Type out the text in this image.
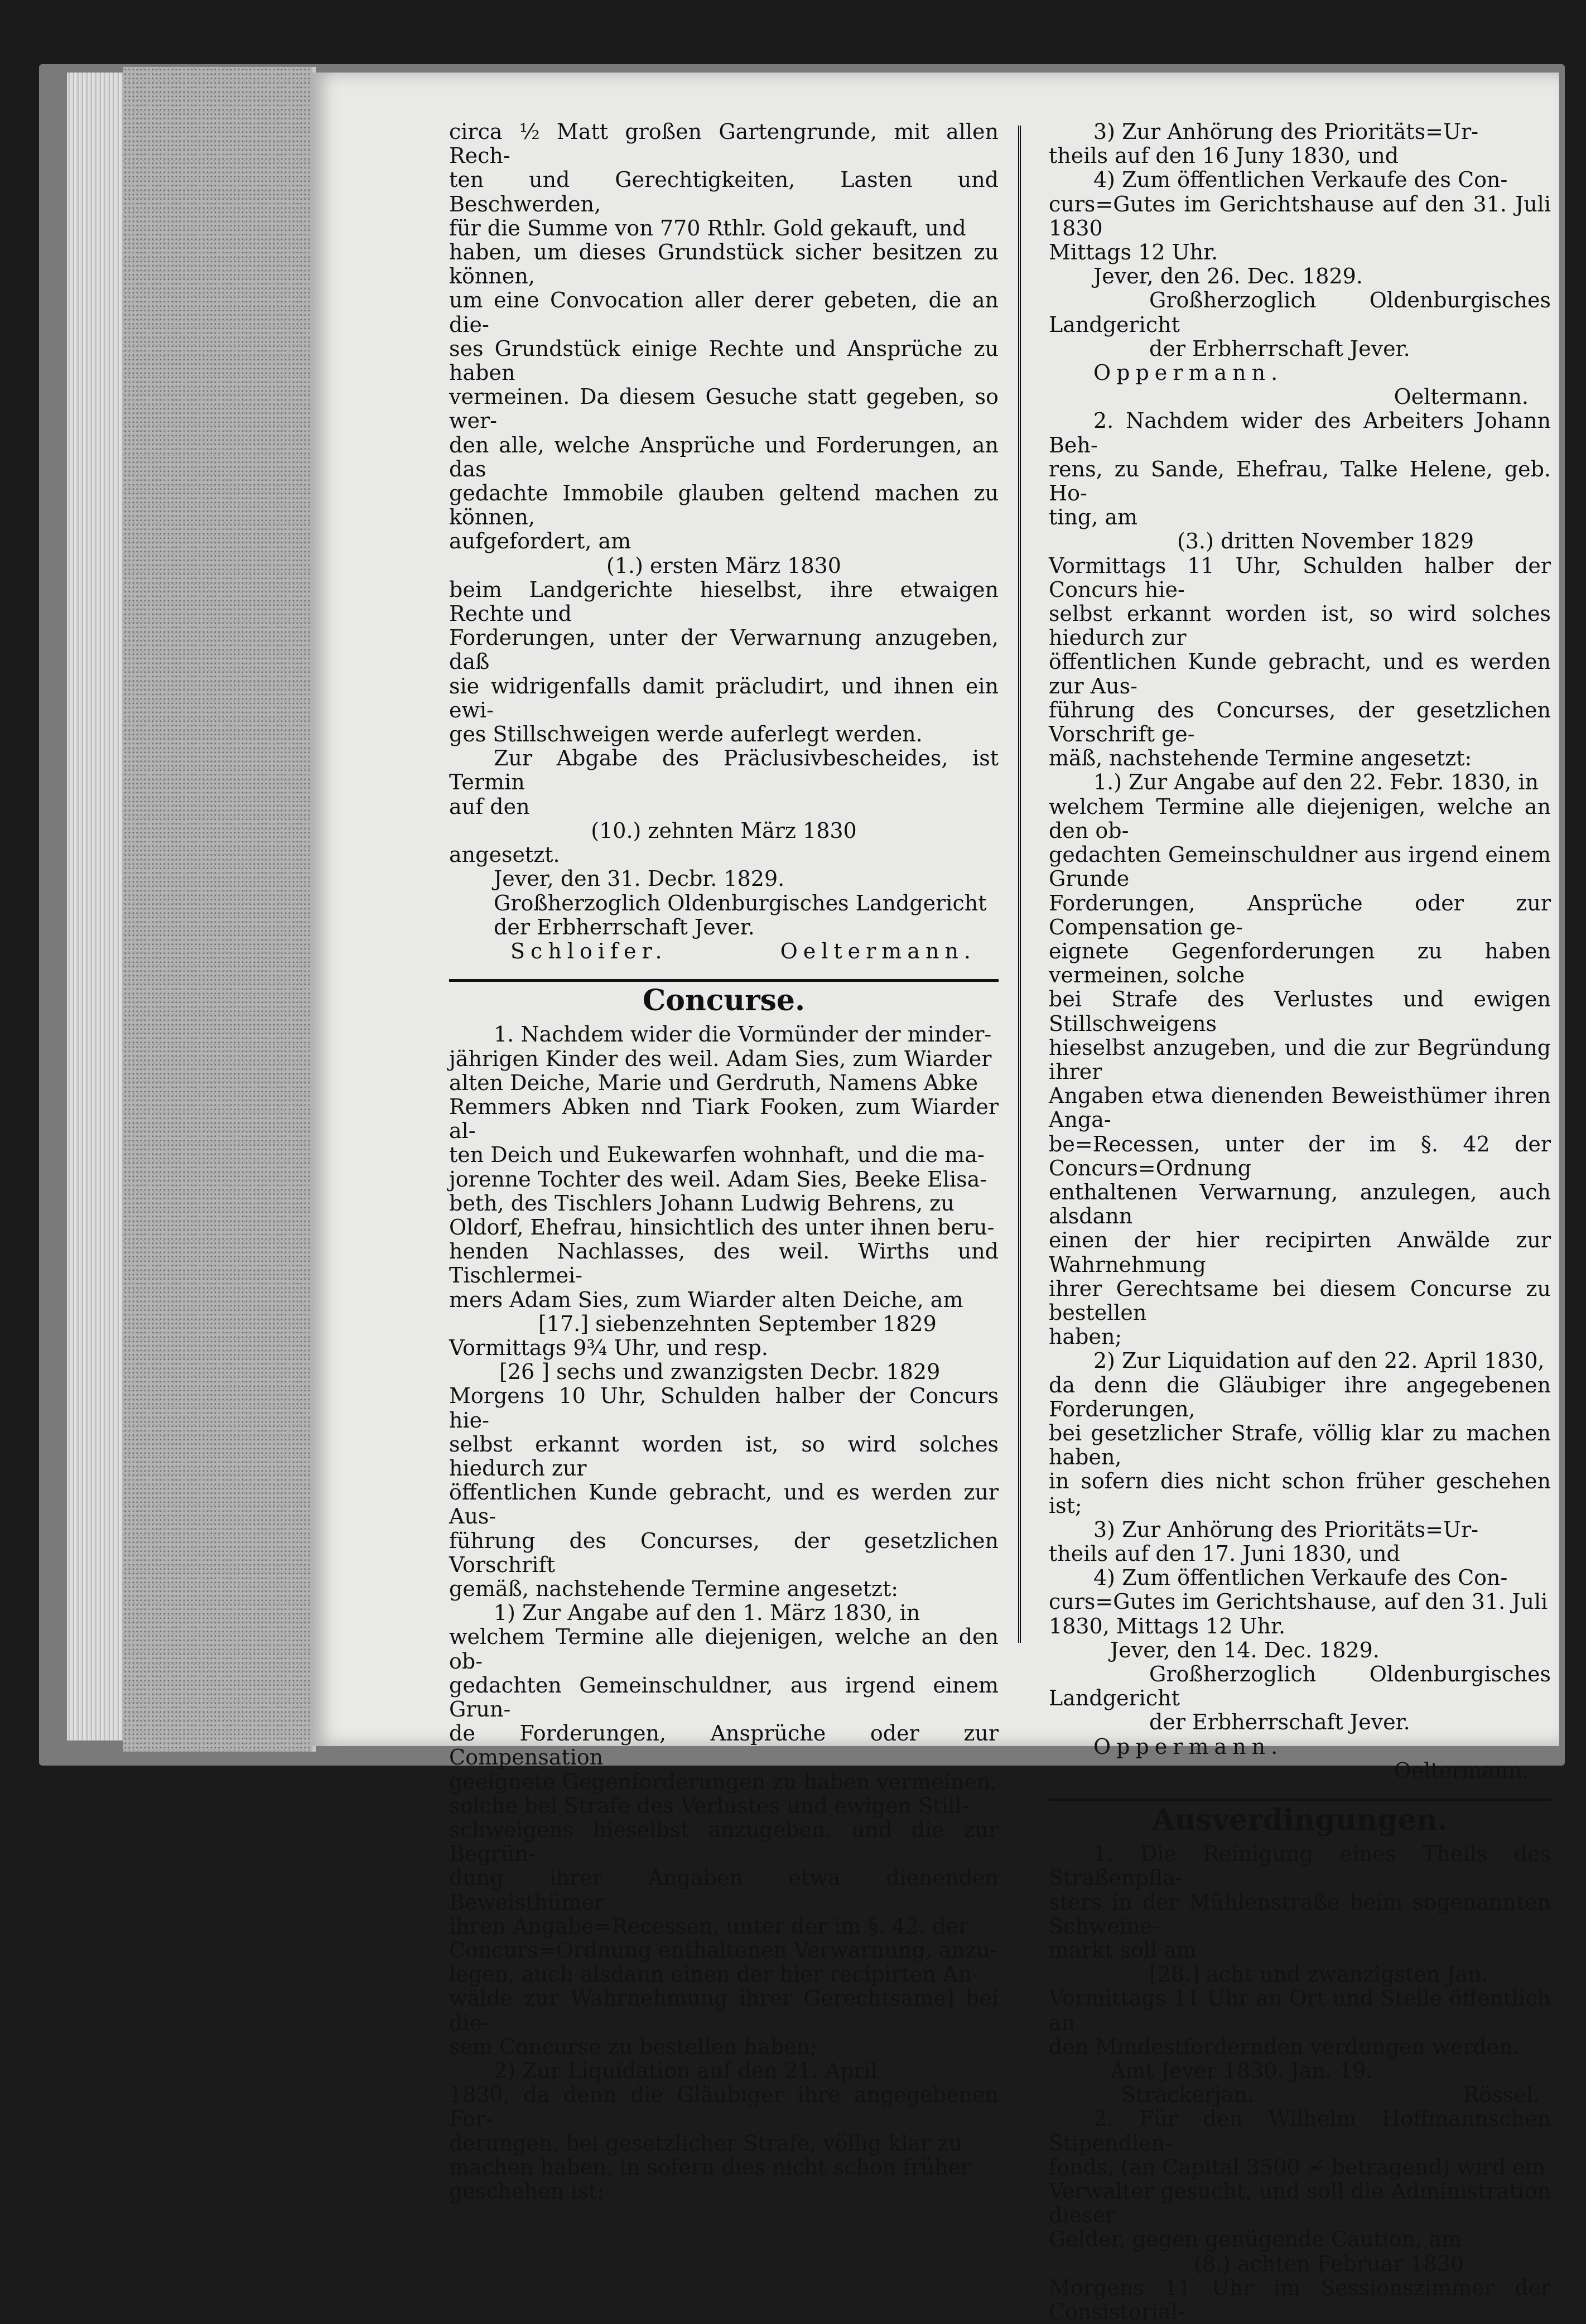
circa ½ Matt großen Gartengrunde, mit allen Rech-

ten und Gerechtigkeiten, Lasten und Beschwerden,

für die Summe von 770 Rthlr. Gold gekauft, und

haben, um dieses Grundstück sicher besitzen zu können,

um eine Convocation aller derer gebeten, die an die-

ses Grundstück einige Rechte und Ansprüche zu haben

vermeinen. Da diesem Gesuche statt gegeben, so wer-

den alle, welche Ansprüche und Forderungen, an das

gedachte Immobile glauben geltend machen zu können,

aufgefordert, am

(1.) ersten März 1830

beim Landgerichte hieselbst, ihre etwaigen Rechte und

Forderungen, unter der Verwarnung anzugeben, daß

sie widrigenfalls damit präcludirt, und ihnen ein ewi-

ges Stillschweigen werde auferlegt werden.

Zur Abgabe des Präclusivbescheides, ist Termin

auf den

(10.) zehnten März 1830

angesetzt.

Jever, den 31. Decbr. 1829.

Großherzoglich Oldenburgisches Landgericht

der Erbherrschaft Jever.

Schloifer.	Oeltermann.

Concurse.

1. Nachdem wider die Vormünder der minder-

jährigen Kinder des weil. Adam Sies, zum Wiarder

alten Deiche, Marie und Gerdruth, Namens Abke

Remmers Abken nnd Tiark Fooken, zum Wiarder al-

ten Deich und Eukewarfen wohnhaft, und die ma-

jorenne Tochter des weil. Adam Sies, Beeke Elisa-

beth, des Tischlers Johann Ludwig Behrens, zu

Oldorf, Ehefrau, hinsichtlich des unter ihnen beru-

henden Nachlasses, des weil. Wirths und Tischlermei-

mers Adam Sies, zum Wiarder alten Deiche, am

[17.] siebenzehnten September 1829

Vormittags 9¾ Uhr, und resp.

[26 ] sechs und zwanzigsten Decbr. 1829

Morgens 10 Uhr, Schulden halber der Concurs hie-

selbst erkannt worden ist, so wird solches hiedurch zur

öffentlichen Kunde gebracht, und es werden zur Aus-

führung des Concurses, der gesetzlichen Vorschrift

gemäß, nachstehende Termine angesetzt:

1) Zur Angabe auf den 1. März 1830, in

welchem Termine alle diejenigen, welche an den ob-

gedachten Gemeinschuldner, aus irgend einem Grun-

de Forderungen, Ansprüche oder zur Compensation

geeignete Gegenforderungen zu haben vermeinen,

solche bei Strafe des Verlustes und ewigen Still-

schweigens hieselbst anzugeben, und die zur Begrün-

dung ihrer Angaben etwa dienenden Beweisthümer

ihren Angabe=Recessen, unter der im §. 42. der

Concurs=Ordnung enthaltenen Verwarnung, anzu-

legen, auch alsdann einen der hier recipirten An-

wälde zur Wahrnehmung ihrer Gerechtsame] bei die-

sem Concurse zu bestellen haben;

2) Zur Liquidation auf den 21. April

1830, da denn die Gläubiger ihre angegebenen For-

derungen, bei gesetzlicher Strafe, völlig klar zu

machen haben, in sofern dies nicht schon früher

geschehen ist;

3) Zur Anhörung des Prioritäts=Ur-

theils auf den 16 Juny 1830, und

4) Zum öffentlichen Verkaufe des Con-

curs=Gutes im Gerichtshause auf den 31. Juli 1830

Mittags 12 Uhr.

Jever, den 26. Dec. 1829.

Großherzoglich Oldenburgisches Landgericht

der Erbherrschaft Jever.

Oppermann.

Oeltermann.

2. Nachdem wider des Arbeiters Johann Beh-

rens, zu Sande, Ehefrau, Talke Helene, geb. Ho-

ting, am

(3.) dritten November 1829

Vormittags 11 Uhr, Schulden halber der Concurs hie-

selbst erkannt worden ist, so wird solches hiedurch zur

öffentlichen Kunde gebracht, und es werden zur Aus-

führung des Concurses, der gesetzlichen Vorschrift ge-

mäß, nachstehende Termine angesetzt:

1.) Zur Angabe auf den 22. Febr. 1830, in

welchem Termine alle diejenigen, welche an den ob-

gedachten Gemeinschuldner aus irgend einem Grunde

Forderungen, Ansprüche oder zur Compensation ge-

eignete Gegenforderungen zu haben vermeinen, solche

bei Strafe des Verlustes und ewigen Stillschweigens

hieselbst anzugeben, und die zur Begründung ihrer

Angaben etwa dienenden Beweisthümer ihren Anga-

be=Recessen, unter der im §. 42 der Concurs=Ordnung

enthaltenen Verwarnung, anzulegen, auch alsdann

einen der hier recipirten Anwälde zur Wahrnehmung

ihrer Gerechtsame bei diesem Concurse zu bestellen

haben;

2) Zur Liquidation auf den 22. April 1830,

da denn die Gläubiger ihre angegebenen Forderungen,

bei gesetzlicher Strafe, völlig klar zu machen haben,

in sofern dies nicht schon früher geschehen ist;

3) Zur Anhörung des Prioritäts=Ur-

theils auf den 17. Juni 1830, und

4) Zum öffentlichen Verkaufe des Con-

curs=Gutes im Gerichtshause, auf den 31. Juli

1830, Mittags 12 Uhr.

Jever, den 14. Dec. 1829.

Großherzoglich Oldenburgisches Landgericht

der Erbherrschaft Jever.

Oppermann.

Oeltermann.

Ausverdingungen.

1. Die Reinigung eines Theils des Straßenpfla-

sters in der Mühlenstraße beim sogenannten Schweine-

markt soll am

[28.] acht und zwanzigsten Jan.

Vormittags 11 Uhr an Ort und Stelle öffentlich an

den Mindestfordernden verdungen werden.

Amt Jever 1830. Jan. 19.

Strackerjan.	Rössel.

2. Für den Wilhelm Hoffmannschen Stipendien-

fonds, (an Capital 3500 ≁ betragend) wird ein

Verwalter gesucht, und soll die Administration dieser

Gelder, gegen genügende Caution, am

(8.) achten Februar 1830

Morgens 11 Uhr im Sessionszimmer der Consistorial-
